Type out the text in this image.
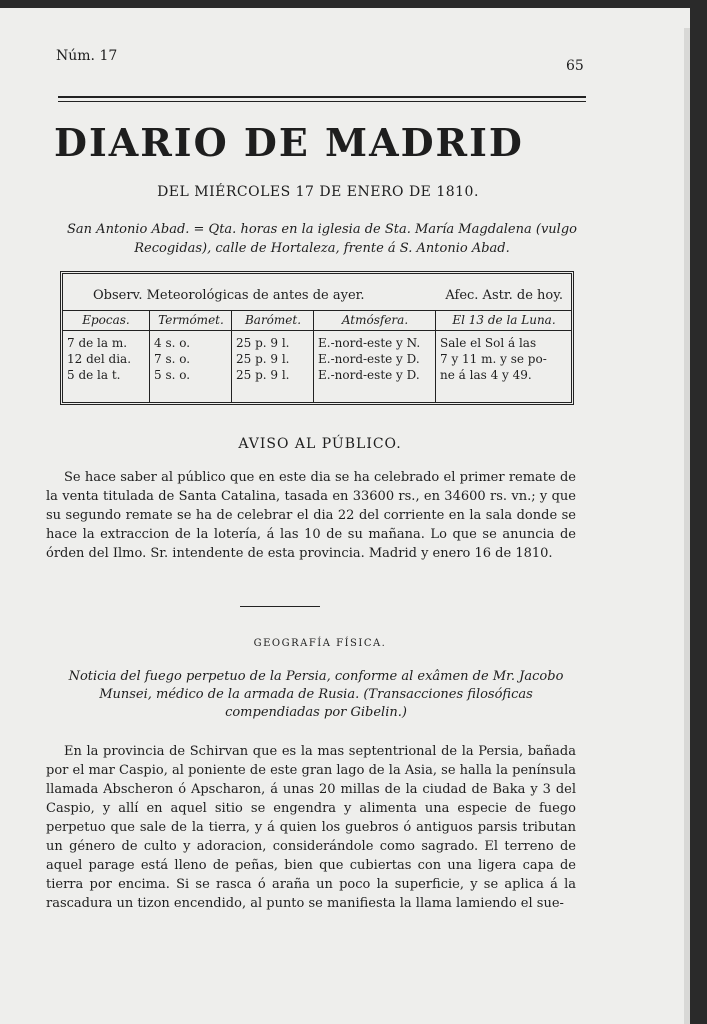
Núm. 17
65
DIARIO DE MADRID
DEL MIÉRCOLES 17 DE ENERO DE 1810.
San Antonio Abad. = Qta. horas en la iglesia de Sta. María Magdalena (vulgo Recogidas), calle de Hortaleza, frente á S. Antonio Abad.
Observ. Meteorológicas de antes de ayer.	Afec. Astr. de hoy.
Epocas.
7 de la m.
12 del dia.
5 de la t.
Termómet.
4 s. o.
7 s. o.
5 s. o.
Barómet.
25 p. 9 l.
25 p. 9 l.
25 p. 9 l.
Atmósfera.
E.-nord-este y N.
E.-nord-este y D.
E.-nord-este y D.
El 13 de la Luna.
Sale el Sol á las
7 y 11 m. y se po-
ne á las 4 y 49.
AVISO AL PÚBLICO.

Se hace saber al público que en este dia se ha celebrado el primer remate de la venta titulada de Santa Catalina, tasada en 33600 rs., en 34600 rs. vn.; y que su segundo remate se ha de celebrar el dia 22 del corriente en la sala donde se hace la extraccion de la lotería, á las 10 de su mañana. Lo que se anuncia de órden del Ilmo. Sr. intendente de esta provincia. Madrid y enero 16 de 1810.

GEOGRAFÍA FÍSICA.
Noticia del fuego perpetuo de la Persia, conforme al exâmen de Mr. Jacobo Munsei, médico de la armada de Rusia. (Transacciones filosóficas compendiadas por Gibelin.)

En la provincia de Schirvan que es la mas septentrional de la Persia, bañada por el mar Caspio, al poniente de este gran lago de la Asia, se halla la península llamada Abscheron ó Apscharon, á unas 20 millas de la ciudad de Baka y 3 del Caspio, y allí en aquel sitio se engendra y alimenta una especie de fuego perpetuo que sale de la tierra, y á quien los guebros ó antiguos parsis tributan un género de culto y adoracion, considerándole como sagrado. El terreno de aquel parage está lleno de peñas, bien que cubiertas con una ligera capa de tierra por encima. Si se rasca ó araña un poco la superficie, y se aplica á la rascadura un tizon encendido, al punto se manifiesta la llama lamiendo el sue-
